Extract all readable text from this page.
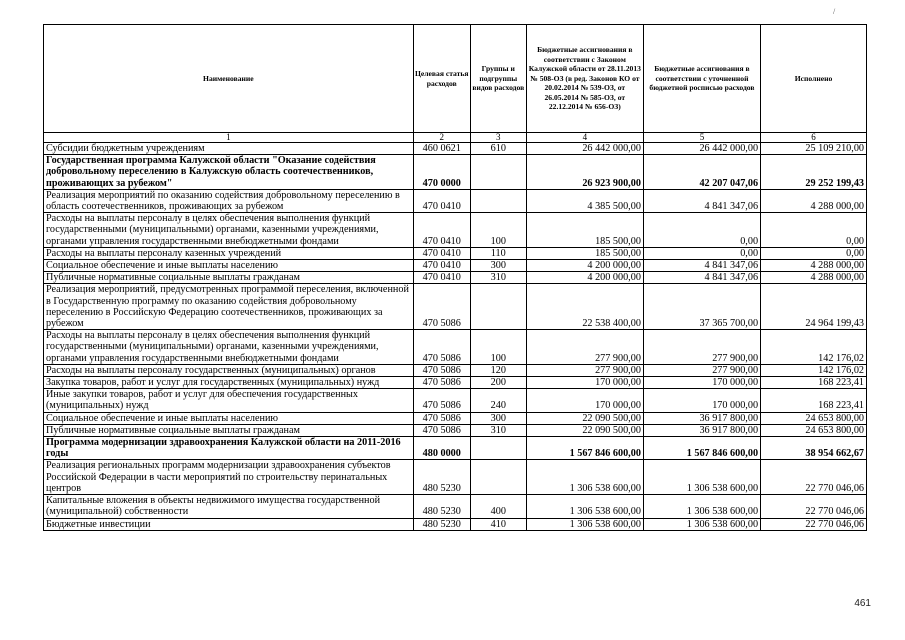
Наименование	Целевая статья расходов	Группы и подгруппы видов расходов	Бюджетные ассигнования в соответствии с Законом Калужской области от 28.11.2013 № 508-ОЗ (в ред. Законов КО от 20.02.2014 № 539-ОЗ, от 26.05.2014 № 585-ОЗ, от 22.12.2014 № 656-ОЗ)	Бюджетные ассигнования в соответствии с уточненной бюджетной росписью расходов	Исполнено
1	2	3	4	5	6
Субсидии бюджетным учреждениям	460 0621	610	26 442 000,00	26 442 000,00	25 109 210,00
Государственная программа Калужской области "Оказание содействия добровольному переселению в Калужскую область соотечественников, проживающих за рубежом"	470 0000		26 923 900,00	42 207 047,06	29 252 199,43
Реализация мероприятий по оказанию содействия добровольному переселению в область соотечественников, проживающих за рубежом	470 0410		4 385 500,00	4 841 347,06	4 288 000,00
Расходы на выплаты персоналу в целях обеспечения выполнения функций государственными (муниципальными) органами, казенными учреждениями, органами управления государственными внебюджетными фондами	470 0410	100	185 500,00	0,00	0,00
Расходы на выплаты персоналу казенных учреждений	470 0410	110	185 500,00	0,00	0,00
Социальное обеспечение и иные выплаты населению	470 0410	300	4 200 000,00	4 841 347,06	4 288 000,00
Публичные нормативные социальные выплаты гражданам	470 0410	310	4 200 000,00	4 841 347,06	4 288 000,00
Реализация мероприятий, предусмотренных программой переселения, включенной в Государственную программу по оказанию содействия добровольному переселению в Российскую Федерацию соотечественников, проживающих за рубежом	470 5086		22 538 400,00	37 365 700,00	24 964 199,43
Расходы на выплаты персоналу в целях обеспечения выполнения функций государственными (муниципальными) органами, казенными учреждениями, органами управления государственными внебюджетными фондами	470 5086	100	277 900,00	277 900,00	142 176,02
Расходы на выплаты персоналу государственных (муниципальных) органов	470 5086	120	277 900,00	277 900,00	142 176,02
Закупка товаров, работ и услуг для государственных (муниципальных) нужд	470 5086	200	170 000,00	170 000,00	168 223,41
Иные закупки товаров, работ и услуг для обеспечения государственных (муниципальных) нужд	470 5086	240	170 000,00	170 000,00	168 223,41
Социальное обеспечение и иные выплаты населению	470 5086	300	22 090 500,00	36 917 800,00	24 653 800,00
Публичные нормативные социальные выплаты гражданам	470 5086	310	22 090 500,00	36 917 800,00	24 653 800,00
Программа модернизации здравоохранения Калужской области на 2011-2016 годы	480 0000		1 567 846 600,00	1 567 846 600,00	38 954 662,67
Реализация региональных программ модернизации здравоохранения субъектов Российской Федерации в части мероприятий по строительству перинатальных центров	480 5230		1 306 538 600,00	1 306 538 600,00	22 770 046,06
Капитальные вложения в объекты недвижимого имущества государственной (муниципальной) собственности	480 5230	400	1 306 538 600,00	1 306 538 600,00	22 770 046,06
Бюджетные инвестиции	480 5230	410	1 306 538 600,00	1 306 538 600,00	22 770 046,06
/
461
